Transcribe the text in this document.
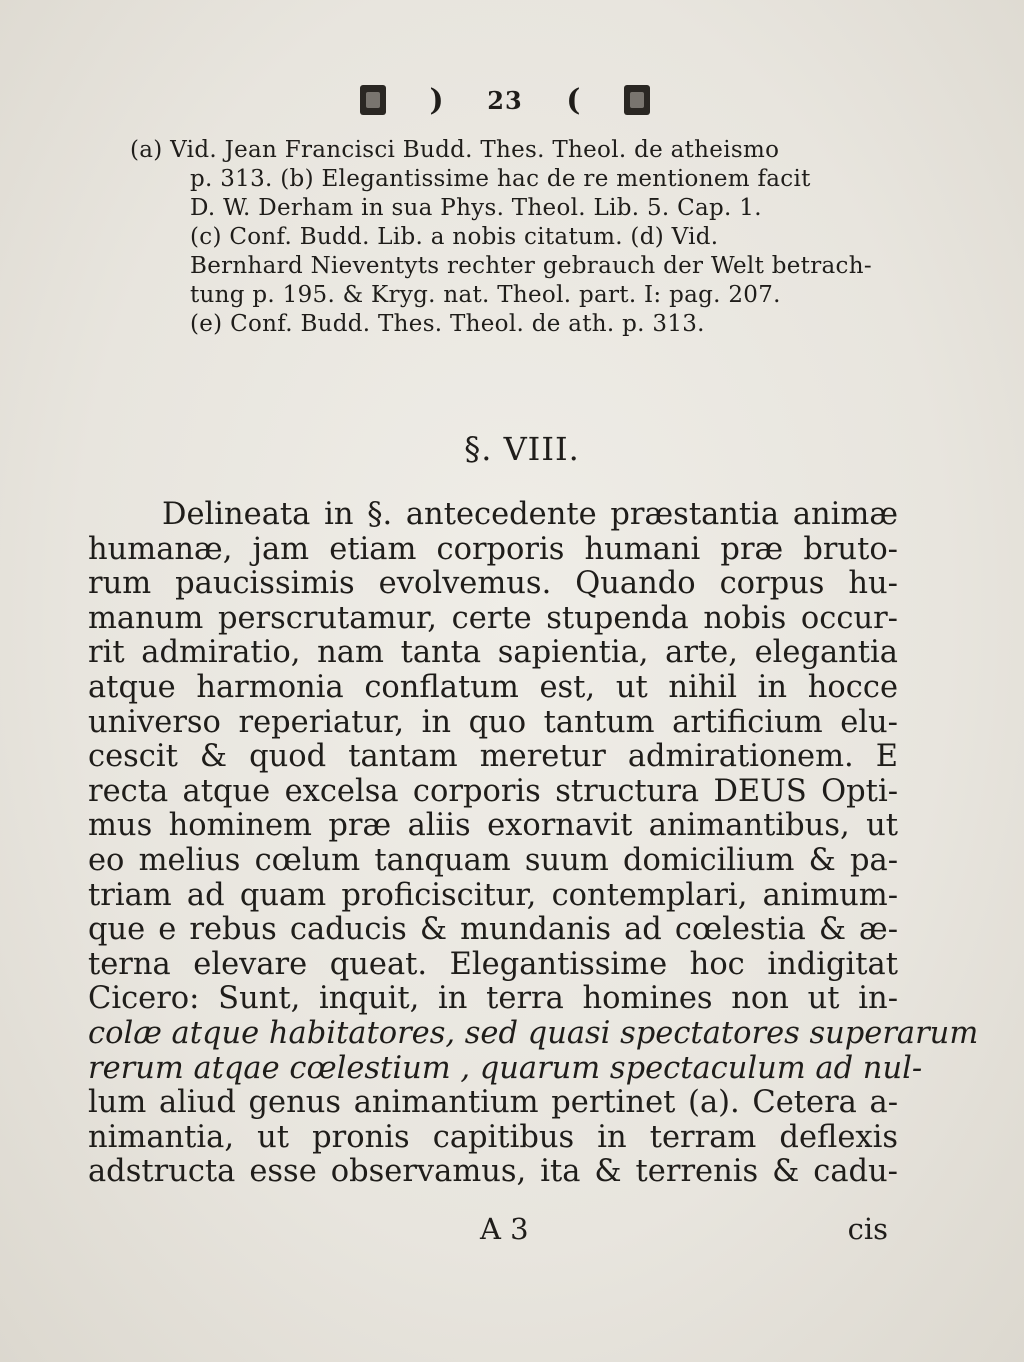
) 23 (
(a) Vid. Jean Francisci Budd. Thes. Theol. de atheismo
p. 313. (b) Elegantissime hac de re mentionem facit
D. W. Derham in sua Phys. Theol. Lib. 5. Cap. 1.
(c) Conf. Budd. Lib. a nobis citatum. (d) Vid.
Bernhard Nieventyts rechter gebrauch der Welt betrach-
tung p. 195. & Kryg. nat. Theol. part. I: pag. 207.
(e) Conf. Budd. Thes. Theol. de ath. p. 313.
§. VIII.
Delineata in §. antecedente præstantia animæ
humanæ, jam etiam corporis humani præ bruto-
rum paucissimis evolvemus. Quando corpus hu-
manum perscrutamur, certe stupenda nobis occur-
rit admiratio, nam tanta sapientia, arte, elegantia
atque harmonia conflatum est, ut nihil in hocce
universo reperiatur, in quo tantum artificium elu-
cescit & quod tantam meretur admirationem. E
recta atque excelsa corporis structura DEUS Opti-
mus hominem præ aliis exornavit animantibus, ut
eo melius cœlum tanquam suum domicilium & pa-
triam ad quam proficiscitur, contemplari, animum-
que e rebus caducis & mundanis ad cœlestia & æ-
terna elevare queat. Elegantissime hoc indigitat
Cicero: Sunt, inquit, in terra homines non ut in-
colæ atque habitatores, sed quasi spectatores superarum
rerum atqae cœlestium , quarum spectaculum ad nul-
lum aliud genus animantium pertinet (a). Cetera a-
nimantia, ut pronis capitibus in terram deflexis
adstructa esse observamus, ita & terrenis & cadu-
A 3	cis
